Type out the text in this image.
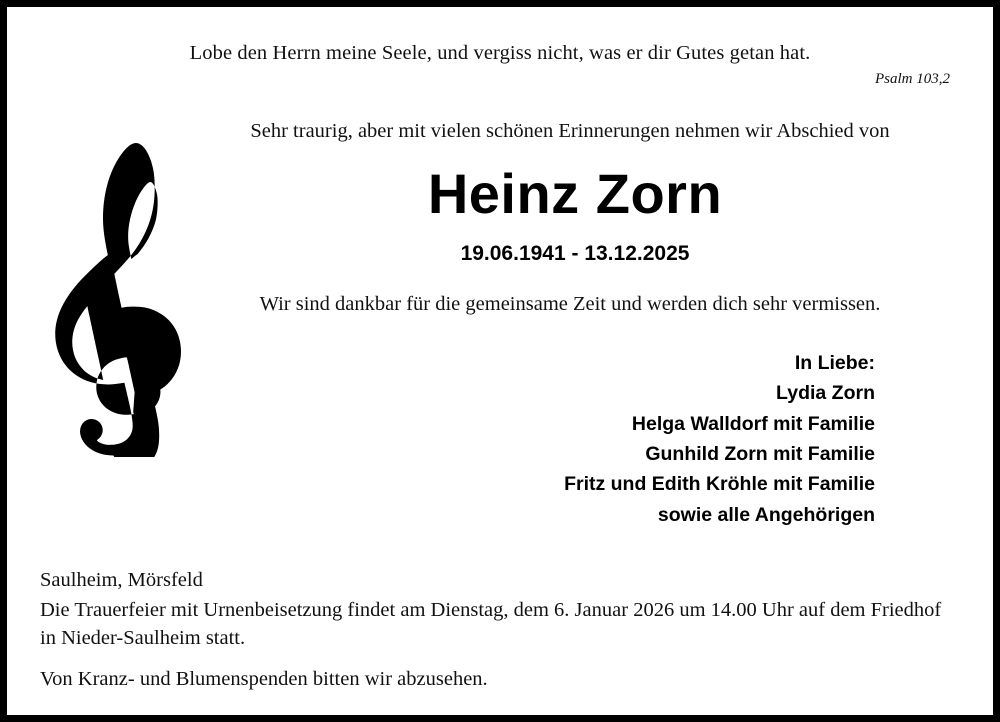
Lobe den Herrn meine Seele, und vergiss nicht, was er dir Gutes getan hat.

Psalm 103,2

Sehr traurig, aber mit vielen schönen Erinnerungen nehmen wir Abschied von

Heinz Zorn

19.06.1941 - 13.12.2025

Wir sind dankbar für die gemeinsame Zeit und werden dich sehr vermissen.

In Liebe:
Lydia Zorn
Helga Walldorf mit Familie
Gunhild Zorn mit Familie
Fritz und Edith Kröhle mit Familie
sowie alle Angehörigen

Saulheim, Mörsfeld

Die Trauerfeier mit Urnenbeisetzung findet am Dienstag, dem 6. Januar 2026 um 14.00 Uhr auf dem Friedhof in Nieder-Saulheim statt.

Von Kranz- und Blumenspenden bitten wir abzusehen.
